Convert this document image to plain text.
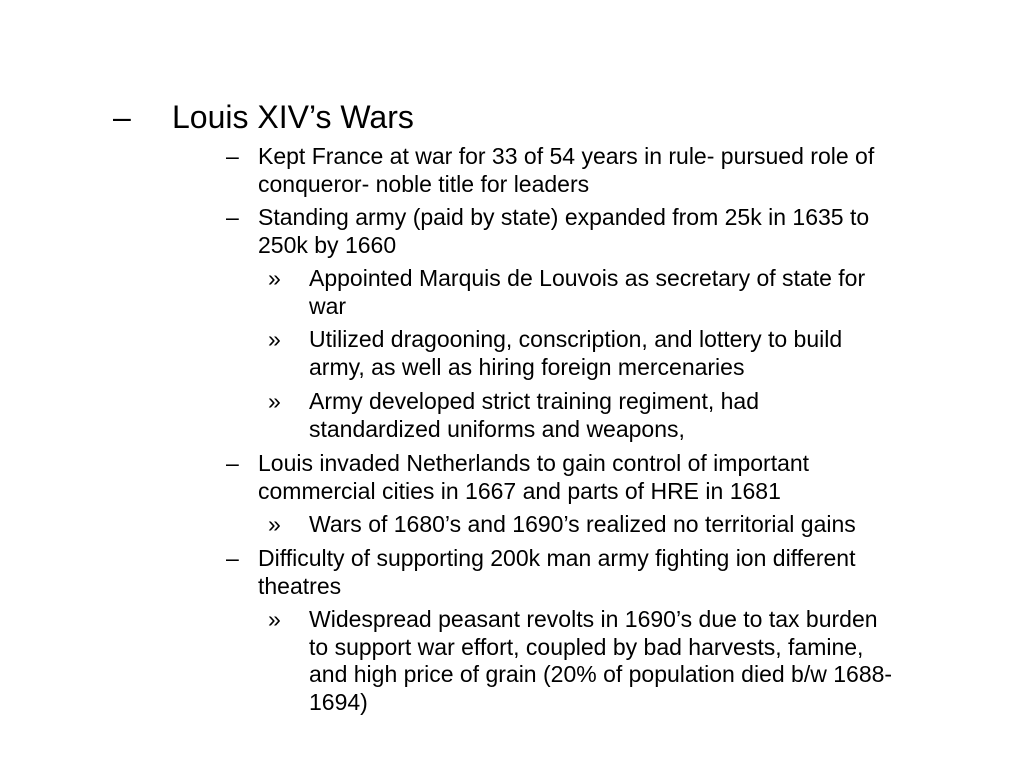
– Louis XIV’s Wars
– Kept France at war for 33 of 54 years in rule- pursued role of
conqueror- noble title for leaders
– Standing army (paid by state) expanded from 25k in 1635 to
250k by 1660
» Appointed Marquis de Louvois as secretary of state for
war
» Utilized dragooning, conscription, and lottery to build
army, as well as hiring foreign mercenaries
» Army developed strict training regiment, had
standardized uniforms and weapons,
– Louis invaded Netherlands to gain control of important
commercial cities in 1667 and parts of HRE in 1681
» Wars of 1680’s and 1690’s realized no territorial gains
– Difficulty of supporting 200k man army fighting ion different
theatres
» Widespread peasant revolts in 1690’s due to tax burden
to support war effort, coupled by bad harvests, famine,
and high price of grain (20% of population died b/w 1688-
1694)
